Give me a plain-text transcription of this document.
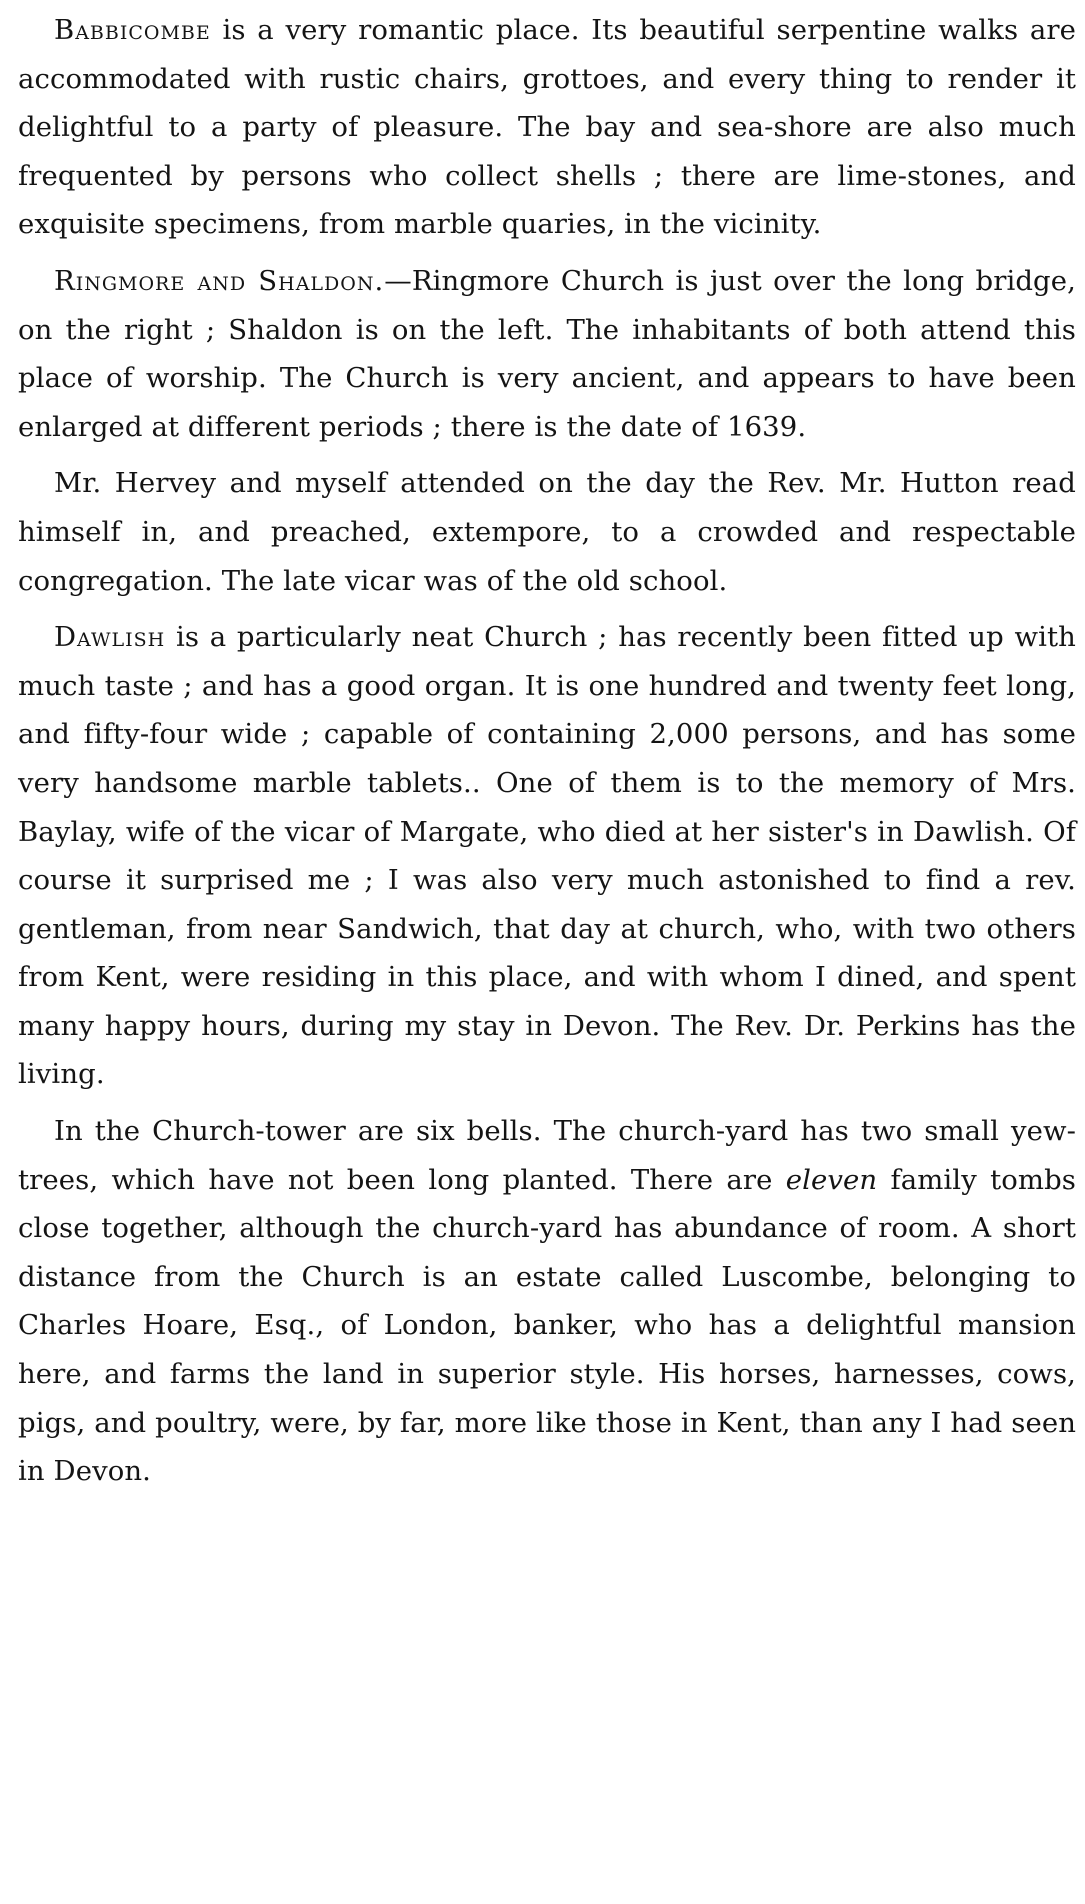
Babbicombe is a very romantic place. Its beautiful serpentine walks are accommodated with rustic chairs, grottoes, and every thing to render it delightful to a party of pleasure. The bay and sea-shore are also much frequented by persons who collect shells ; there are lime-stones, and exquisite specimens, from marble quaries, in the vicinity.

Ringmore and Shaldon.—Ringmore Church is just over the long bridge, on the right ; Shaldon is on the left. The inhabitants of both attend this place of worship. The Church is very ancient, and appears to have been enlarged at different periods ; there is the date of 1639.

Mr. Hervey and myself attended on the day the Rev. Mr. Hutton read himself in, and preached, extempore, to a crowded and respectable congregation. The late vicar was of the old school.

Dawlish is a particularly neat Church ; has recently been fitted up with much taste ; and has a good organ. It is one hundred and twenty feet long, and fifty-four wide ; capable of containing 2,000 persons, and has some very handsome marble tablets.. One of them is to the memory of Mrs. Baylay, wife of the vicar of Margate, who died at her sister's in Dawlish. Of course it surprised me ; I was also very much astonished to find a rev. gentleman, from near Sandwich, that day at church, who, with two others from Kent, were residing in this place, and with whom I dined, and spent many happy hours, during my stay in Devon. The Rev. Dr. Perkins has the living.

In the Church-tower are six bells. The church-yard has two small yew-trees, which have not been long planted. There are eleven family tombs close together, although the church-yard has abundance of room. A short distance from the Church is an estate called Luscombe, belonging to Charles Hoare, Esq., of London, banker, who has a delightful mansion here, and farms the land in superior style. His horses, harnesses, cows, pigs, and poultry, were, by far, more like those in Kent, than any I had seen in Devon.
